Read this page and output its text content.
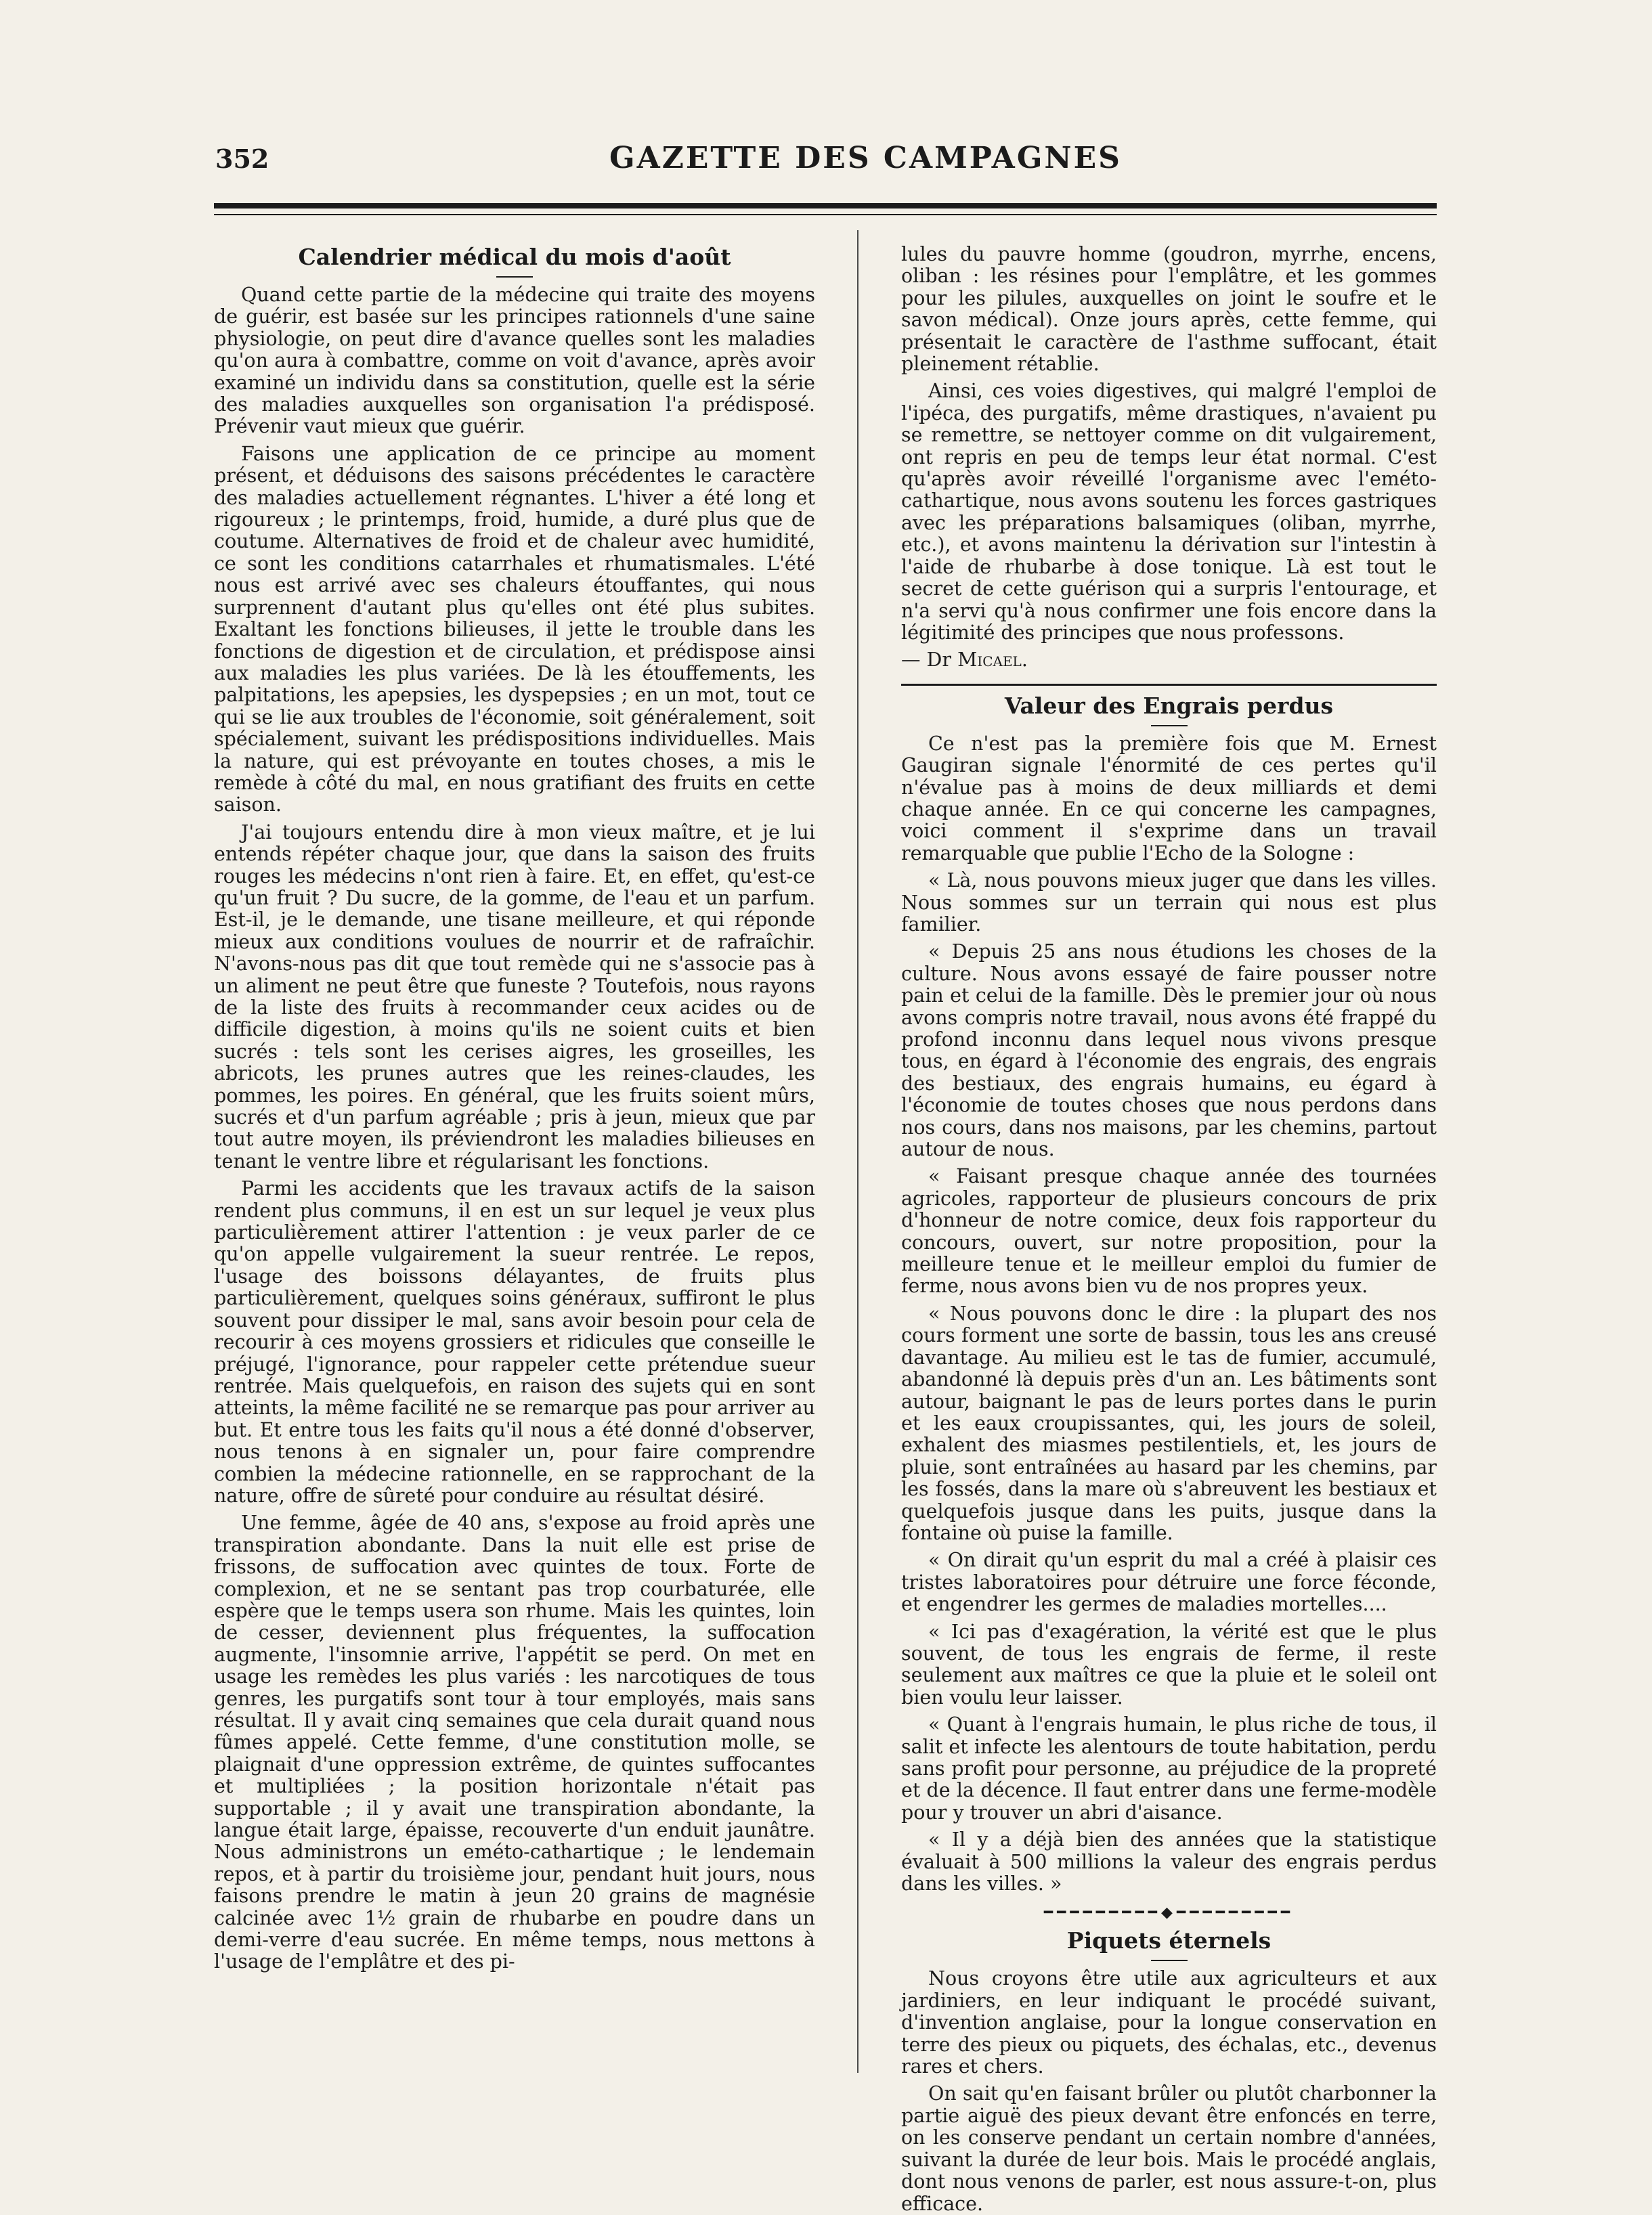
352	GAZETTE DES CAMPAGNES
Calendrier médical du mois d'août

Quand cette partie de la médecine qui traite des moyens de guérir, est basée sur les principes rationnels d'une saine physiologie, on peut dire d'avance quelles sont les maladies qu'on aura à combattre, comme on voit d'avance, après avoir examiné un individu dans sa constitution, quelle est la série des maladies auxquelles son organisation l'a prédisposé. Prévenir vaut mieux que guérir.

Faisons une application de ce principe au moment présent, et déduisons des saisons précédentes le caractère des maladies actuellement régnantes. L'hiver a été long et rigoureux ; le printemps, froid, humide, a duré plus que de coutume. Alternatives de froid et de chaleur avec humidité, ce sont les conditions catarrhales et rhumatismales. L'été nous est arrivé avec ses chaleurs étouffantes, qui nous surprennent d'autant plus qu'elles ont été plus subites. Exaltant les fonctions bilieuses, il jette le trouble dans les fonctions de digestion et de circulation, et prédispose ainsi aux maladies les plus variées. De là les étouffements, les palpitations, les apepsies, les dyspepsies ; en un mot, tout ce qui se lie aux troubles de l'économie, soit généralement, soit spécialement, suivant les prédispositions individuelles. Mais la nature, qui est prévoyante en toutes choses, a mis le remède à côté du mal, en nous gratifiant des fruits en cette saison.

J'ai toujours entendu dire à mon vieux maître, et je lui entends répéter chaque jour, que dans la saison des fruits rouges les médecins n'ont rien à faire. Et, en effet, qu'est-ce qu'un fruit ? Du sucre, de la gomme, de l'eau et un parfum. Est-il, je le demande, une tisane meilleure, et qui réponde mieux aux conditions voulues de nourrir et de rafraîchir. N'avons-nous pas dit que tout remède qui ne s'associe pas à un aliment ne peut être que funeste ? Toutefois, nous rayons de la liste des fruits à recommander ceux acides ou de difficile digestion, à moins qu'ils ne soient cuits et bien sucrés : tels sont les cerises aigres, les groseilles, les abricots, les prunes autres que les reines-claudes, les pommes, les poires. En général, que les fruits soient mûrs, sucrés et d'un parfum agréable ; pris à jeun, mieux que par tout autre moyen, ils préviendront les maladies bilieuses en tenant le ventre libre et régularisant les fonctions.

Parmi les accidents que les travaux actifs de la saison rendent plus communs, il en est un sur lequel je veux plus particulièrement attirer l'attention : je veux parler de ce qu'on appelle vulgairement la sueur rentrée. Le repos, l'usage des boissons délayantes, de fruits plus particulièrement, quelques soins généraux, suffiront le plus souvent pour dissiper le mal, sans avoir besoin pour cela de recourir à ces moyens grossiers et ridicules que conseille le préjugé, l'ignorance, pour rappeler cette prétendue sueur rentrée. Mais quelquefois, en raison des sujets qui en sont atteints, la même facilité ne se remarque pas pour arriver au but. Et entre tous les faits qu'il nous a été donné d'observer, nous tenons à en signaler un, pour faire comprendre combien la médecine rationnelle, en se rapprochant de la nature, offre de sûreté pour conduire au résultat désiré.

Une femme, âgée de 40 ans, s'expose au froid après une transpiration abondante. Dans la nuit elle est prise de frissons, de suffocation avec quintes de toux. Forte de complexion, et ne se sentant pas trop courbaturée, elle espère que le temps usera son rhume. Mais les quintes, loin de cesser, deviennent plus fréquentes, la suffocation augmente, l'insomnie arrive, l'appétit se perd. On met en usage les remèdes les plus variés : les narcotiques de tous genres, les purgatifs sont tour à tour employés, mais sans résultat. Il y avait cinq semaines que cela durait quand nous fûmes appelé. Cette femme, d'une constitution molle, se plaignait d'une oppression extrême, de quintes suffocantes et multipliées ; la position horizontale n'était pas supportable ; il y avait une transpiration abondante, la langue était large, épaisse, recouverte d'un enduit jaunâtre. Nous administrons un eméto-cathartique ; le lendemain repos, et à partir du troisième jour, pendant huit jours, nous faisons prendre le matin à jeun 20 grains de magnésie calcinée avec 1½ grain de rhubarbe en poudre dans un demi-verre d'eau sucrée. En même temps, nous mettons à l'usage de l'emplâtre et des pi-

lules du pauvre homme (goudron, myrrhe, encens, oliban : les résines pour l'emplâtre, et les gommes pour les pilules, auxquelles on joint le soufre et le savon médical). Onze jours après, cette femme, qui présentait le caractère de l'asthme suffocant, était pleinement rétablie.

Ainsi, ces voies digestives, qui malgré l'emploi de l'ipéca, des purgatifs, même drastiques, n'avaient pu se remettre, se nettoyer comme on dit vulgairement, ont repris en peu de temps leur état normal. C'est qu'après avoir réveillé l'organisme avec l'eméto-cathartique, nous avons soutenu les forces gastriques avec les préparations balsamiques (oliban, myrrhe, etc.), et avons maintenu la dérivation sur l'intestin à l'aide de rhubarbe à dose tonique. Là est tout le secret de cette guérison qui a surpris l'entourage, et n'a servi qu'à nous confirmer une fois encore dans la légitimité des principes que nous professons.

— Dr Micael.

Valeur des Engrais perdus

Ce n'est pas la première fois que M. Ernest Gaugiran signale l'énormité de ces pertes qu'il n'évalue pas à moins de deux milliards et demi chaque année. En ce qui concerne les campagnes, voici comment il s'exprime dans un travail remarquable que publie l'Echo de la Sologne :

« Là, nous pouvons mieux juger que dans les villes. Nous sommes sur un terrain qui nous est plus familier.

« Depuis 25 ans nous étudions les choses de la culture. Nous avons essayé de faire pousser notre pain et celui de la famille. Dès le premier jour où nous avons compris notre travail, nous avons été frappé du profond inconnu dans lequel nous vivons presque tous, en égard à l'économie des engrais, des engrais des bestiaux, des engrais humains, eu égard à l'économie de toutes choses que nous perdons dans nos cours, dans nos maisons, par les chemins, partout autour de nous.

« Faisant presque chaque année des tournées agricoles, rapporteur de plusieurs concours de prix d'honneur de notre comice, deux fois rapporteur du concours, ouvert, sur notre proposition, pour la meilleure tenue et le meilleur emploi du fumier de ferme, nous avons bien vu de nos propres yeux.

« Nous pouvons donc le dire : la plupart des nos cours forment une sorte de bassin, tous les ans creusé davantage. Au milieu est le tas de fumier, accumulé, abandonné là depuis près d'un an. Les bâtiments sont autour, baignant le pas de leurs portes dans le purin et les eaux croupissantes, qui, les jours de soleil, exhalent des miasmes pestilentiels, et, les jours de pluie, sont entraînées au hasard par les chemins, par les fossés, dans la mare où s'abreuvent les bestiaux et quelquefois jusque dans les puits, jusque dans la fontaine où puise la famille.

« On dirait qu'un esprit du mal a créé à plaisir ces tristes laboratoires pour détruire une force féconde, et engendrer les germes de maladies mortelles....

« Ici pas d'exagération, la vérité est que le plus souvent, de tous les engrais de ferme, il reste seulement aux maîtres ce que la pluie et le soleil ont bien voulu leur laisser.

« Quant à l'engrais humain, le plus riche de tous, il salit et infecte les alentours de toute habitation, perdu sans profit pour personne, au préjudice de la propreté et de la décence. Il faut entrer dans une ferme-modèle pour y trouver un abri d'aisance.

« Il y a déjà bien des années que la statistique évaluait à 500 millions la valeur des engrais perdus dans les villes. »

━━━━━━━━━◆━━━━━━━━━
Piquets éternels

Nous croyons être utile aux agriculteurs et aux jardiniers, en leur indiquant le procédé suivant, d'invention anglaise, pour la longue conservation en terre des pieux ou piquets, des échalas, etc., devenus rares et chers.

On sait qu'en faisant brûler ou plutôt charbonner la partie aiguë des pieux devant être enfoncés en terre, on les conserve pendant un certain nombre d'années, suivant la durée de leur bois. Mais le procédé anglais, dont nous venons de parler, est nous assure-t-on, plus efficace.
